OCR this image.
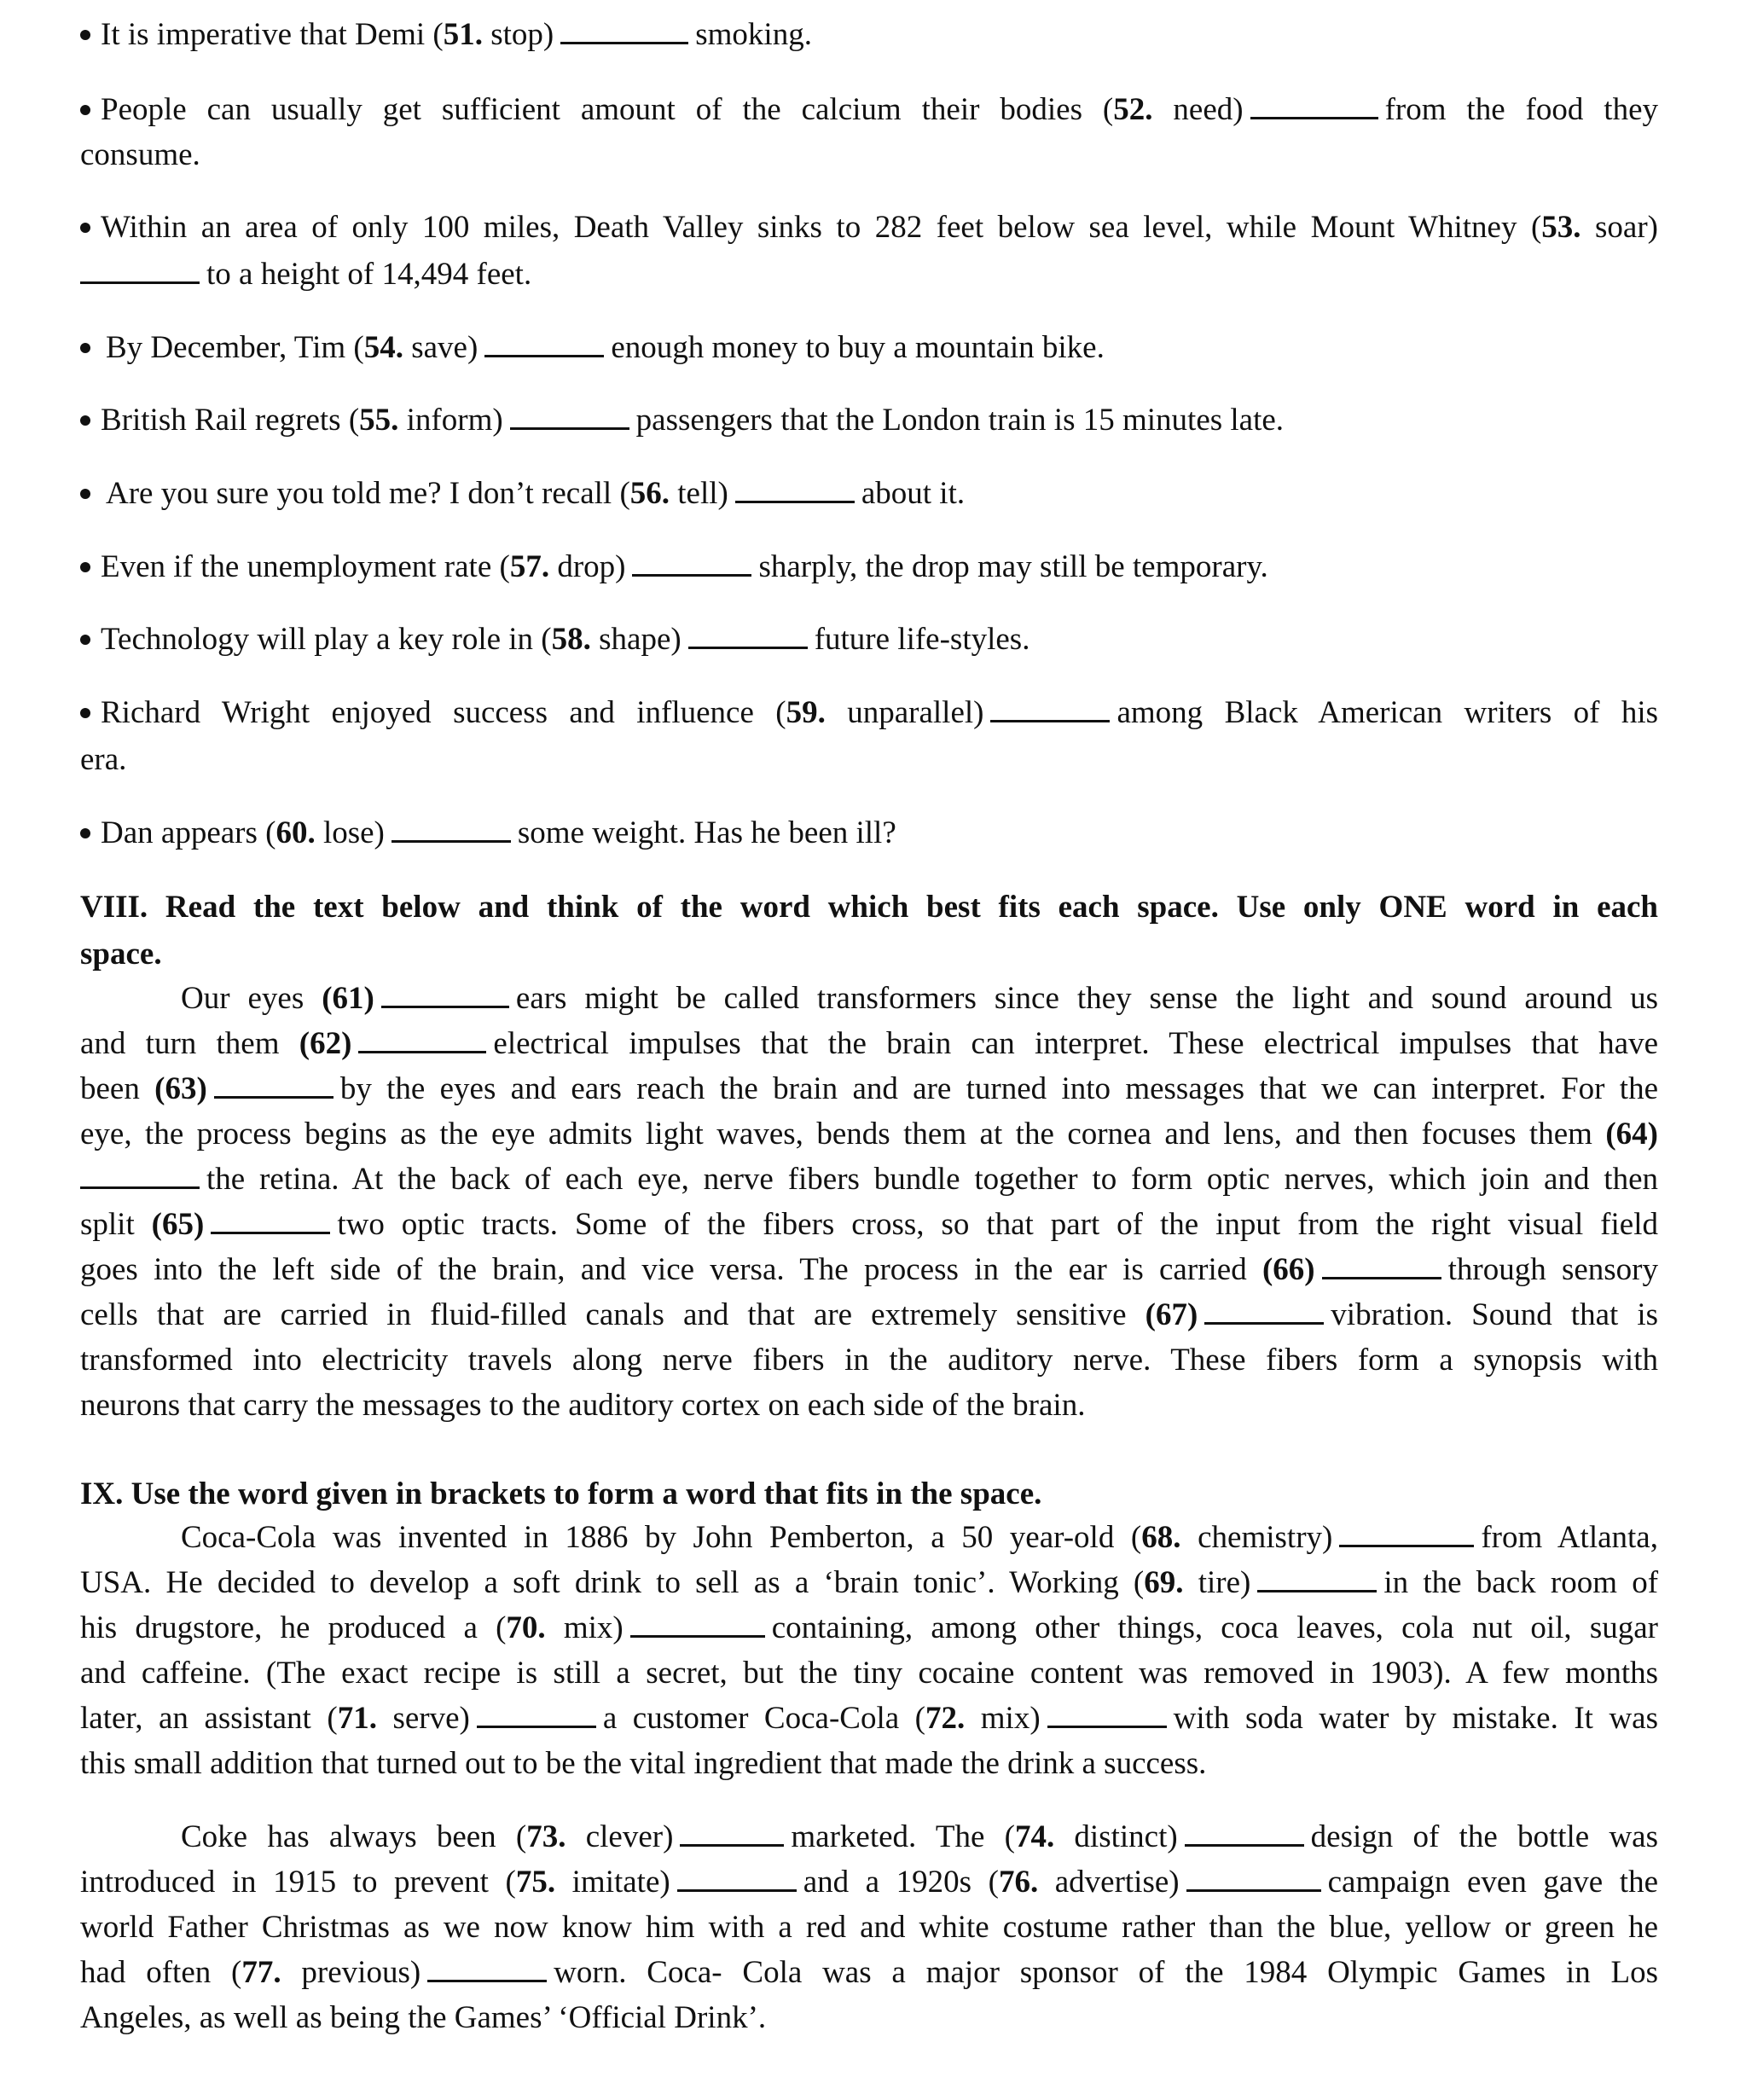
It is imperative that Demi (51. stop)	smoking.
People can usually get sufficient amount of the calcium their bodies (52. need)	from the food they
consume.
Within an area of only 100 miles, Death Valley sinks to 282 feet below sea level, while Mount Whitney (53. soar)
to a height of 14,494 feet.
By December, Tim (54. save)	enough money to buy a mountain bike.
British Rail regrets (55. inform)	passengers that the London train is 15 minutes late.
Are you sure you told me? I don’t recall (56. tell)	about it.
Even if the unemployment rate (57. drop)	sharply, the drop may still be temporary.
Technology will play a key role in (58. shape)	future life-styles.
Richard Wright enjoyed success and influence (59. unparallel)	among Black American writers of his
era.
Dan appears (60. lose)	some weight. Has he been ill?
VIII. Read the text below and think of the word which best fits each space. Use only ONE word in each
space.
Our eyes (61)	ears might be called transformers since they sense the light and sound around us
and turn them (62)	electrical impulses that the brain can interpret. These electrical impulses that have
been (63)	by the eyes and ears reach the brain and are turned into messages that we can interpret. For the
eye, the process begins as the eye admits light waves, bends them at the cornea and lens, and then focuses them (64)
the retina. At the back of each eye, nerve fibers bundle together to form optic nerves, which join and then
split (65)	two optic tracts. Some of the fibers cross, so that part of the input from the right visual field
goes into the left side of the brain, and vice versa. The process in the ear is carried (66)	through sensory
cells that are carried in fluid-filled canals and that are extremely sensitive (67)	vibration. Sound that is
transformed into electricity travels along nerve fibers in the auditory nerve. These fibers form a synopsis with
neurons that carry the messages to the auditory cortex on each side of the brain.
IX. Use the word given in brackets to form a word that fits in the space.
Coca-Cola was invented in 1886 by John Pemberton, a 50 year-old (68. chemistry)	from Atlanta,
USA. He decided to develop a soft drink to sell as a ‘brain tonic’. Working (69. tire)	in the back room of
his drugstore, he produced a (70. mix)	containing, among other things, coca leaves, cola nut oil, sugar
and caffeine. (The exact recipe is still a secret, but the tiny cocaine content was removed in 1903). A few months
later, an assistant (71. serve)	a customer Coca-Cola (72. mix)	with soda water by mistake. It was
this small addition that turned out to be the vital ingredient that made the drink a success.
Coke has always been (73. clever)	marketed. The (74. distinct)	design of the bottle was
introduced in 1915 to prevent (75. imitate)	and a 1920s (76. advertise)	campaign even gave the
world Father Christmas as we now know him with a red and white costume rather than the blue, yellow or green he
had often (77. previous)	worn. Coca- Cola was a major sponsor of the 1984 Olympic Games in Los
Angeles, as well as being the Games’ ‘Official Drink’.
